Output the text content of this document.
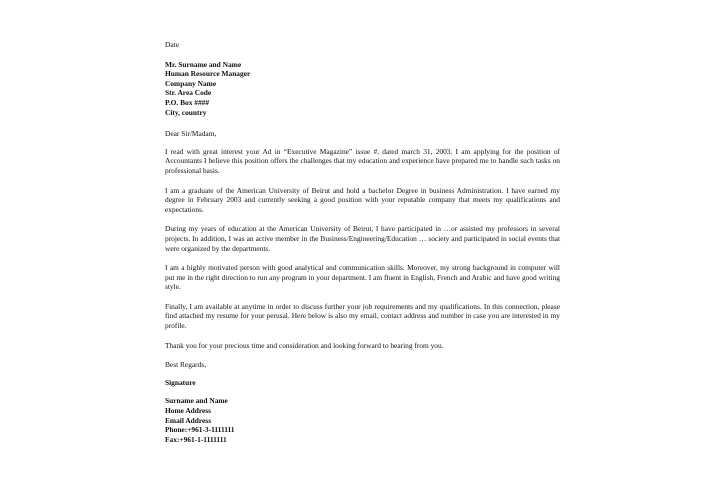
Date
Mr. Surname and Name
Human Resource Manager
Company Name
Str. Area Code
P.O. Box ####
City, country
Dear Sir/Madam,

I read with great interest your Ad in “Executive Magazine” issue #, dated march 31, 2003. I am applying for the position of Accountants I believe this position offers the challenges that my education and experience have prepared me to handle such tasks on professional basis.

I am a graduate of the American University of Beirut and hold a bachelor Degree in business Administration. I have earned my degree in February 2003 and currently seeking a good position with your reputable company that meets my qualifications and expectations.

During my years of education at the American University of Beirut, I have participated in …or assisted my professors in several projects. In addition, I was an active member in the Business/Engineering/Education … society and participated in social events that were organized by the departments.

I am a highly motivated person with good analytical and communication skills. Moreover, my strong background in computer will put me in the right direction to run any program in your department. I am fluent in English, French and Arabic and have good writing style.

Finally, I am available at anytime in order to discuss further your job requirements and my qualifications. In this connection, please find attached my resume for your perusal. Here below is also my email, contact address and number in case you are interested in my profile.

Thank you for your precious time and consideration and looking forward to hearing from you.

Best Regards,
Signature
Surname and Name
Home Address
Email Address
Phone:+961-3-1111111
Fax:+961-1-1111111
